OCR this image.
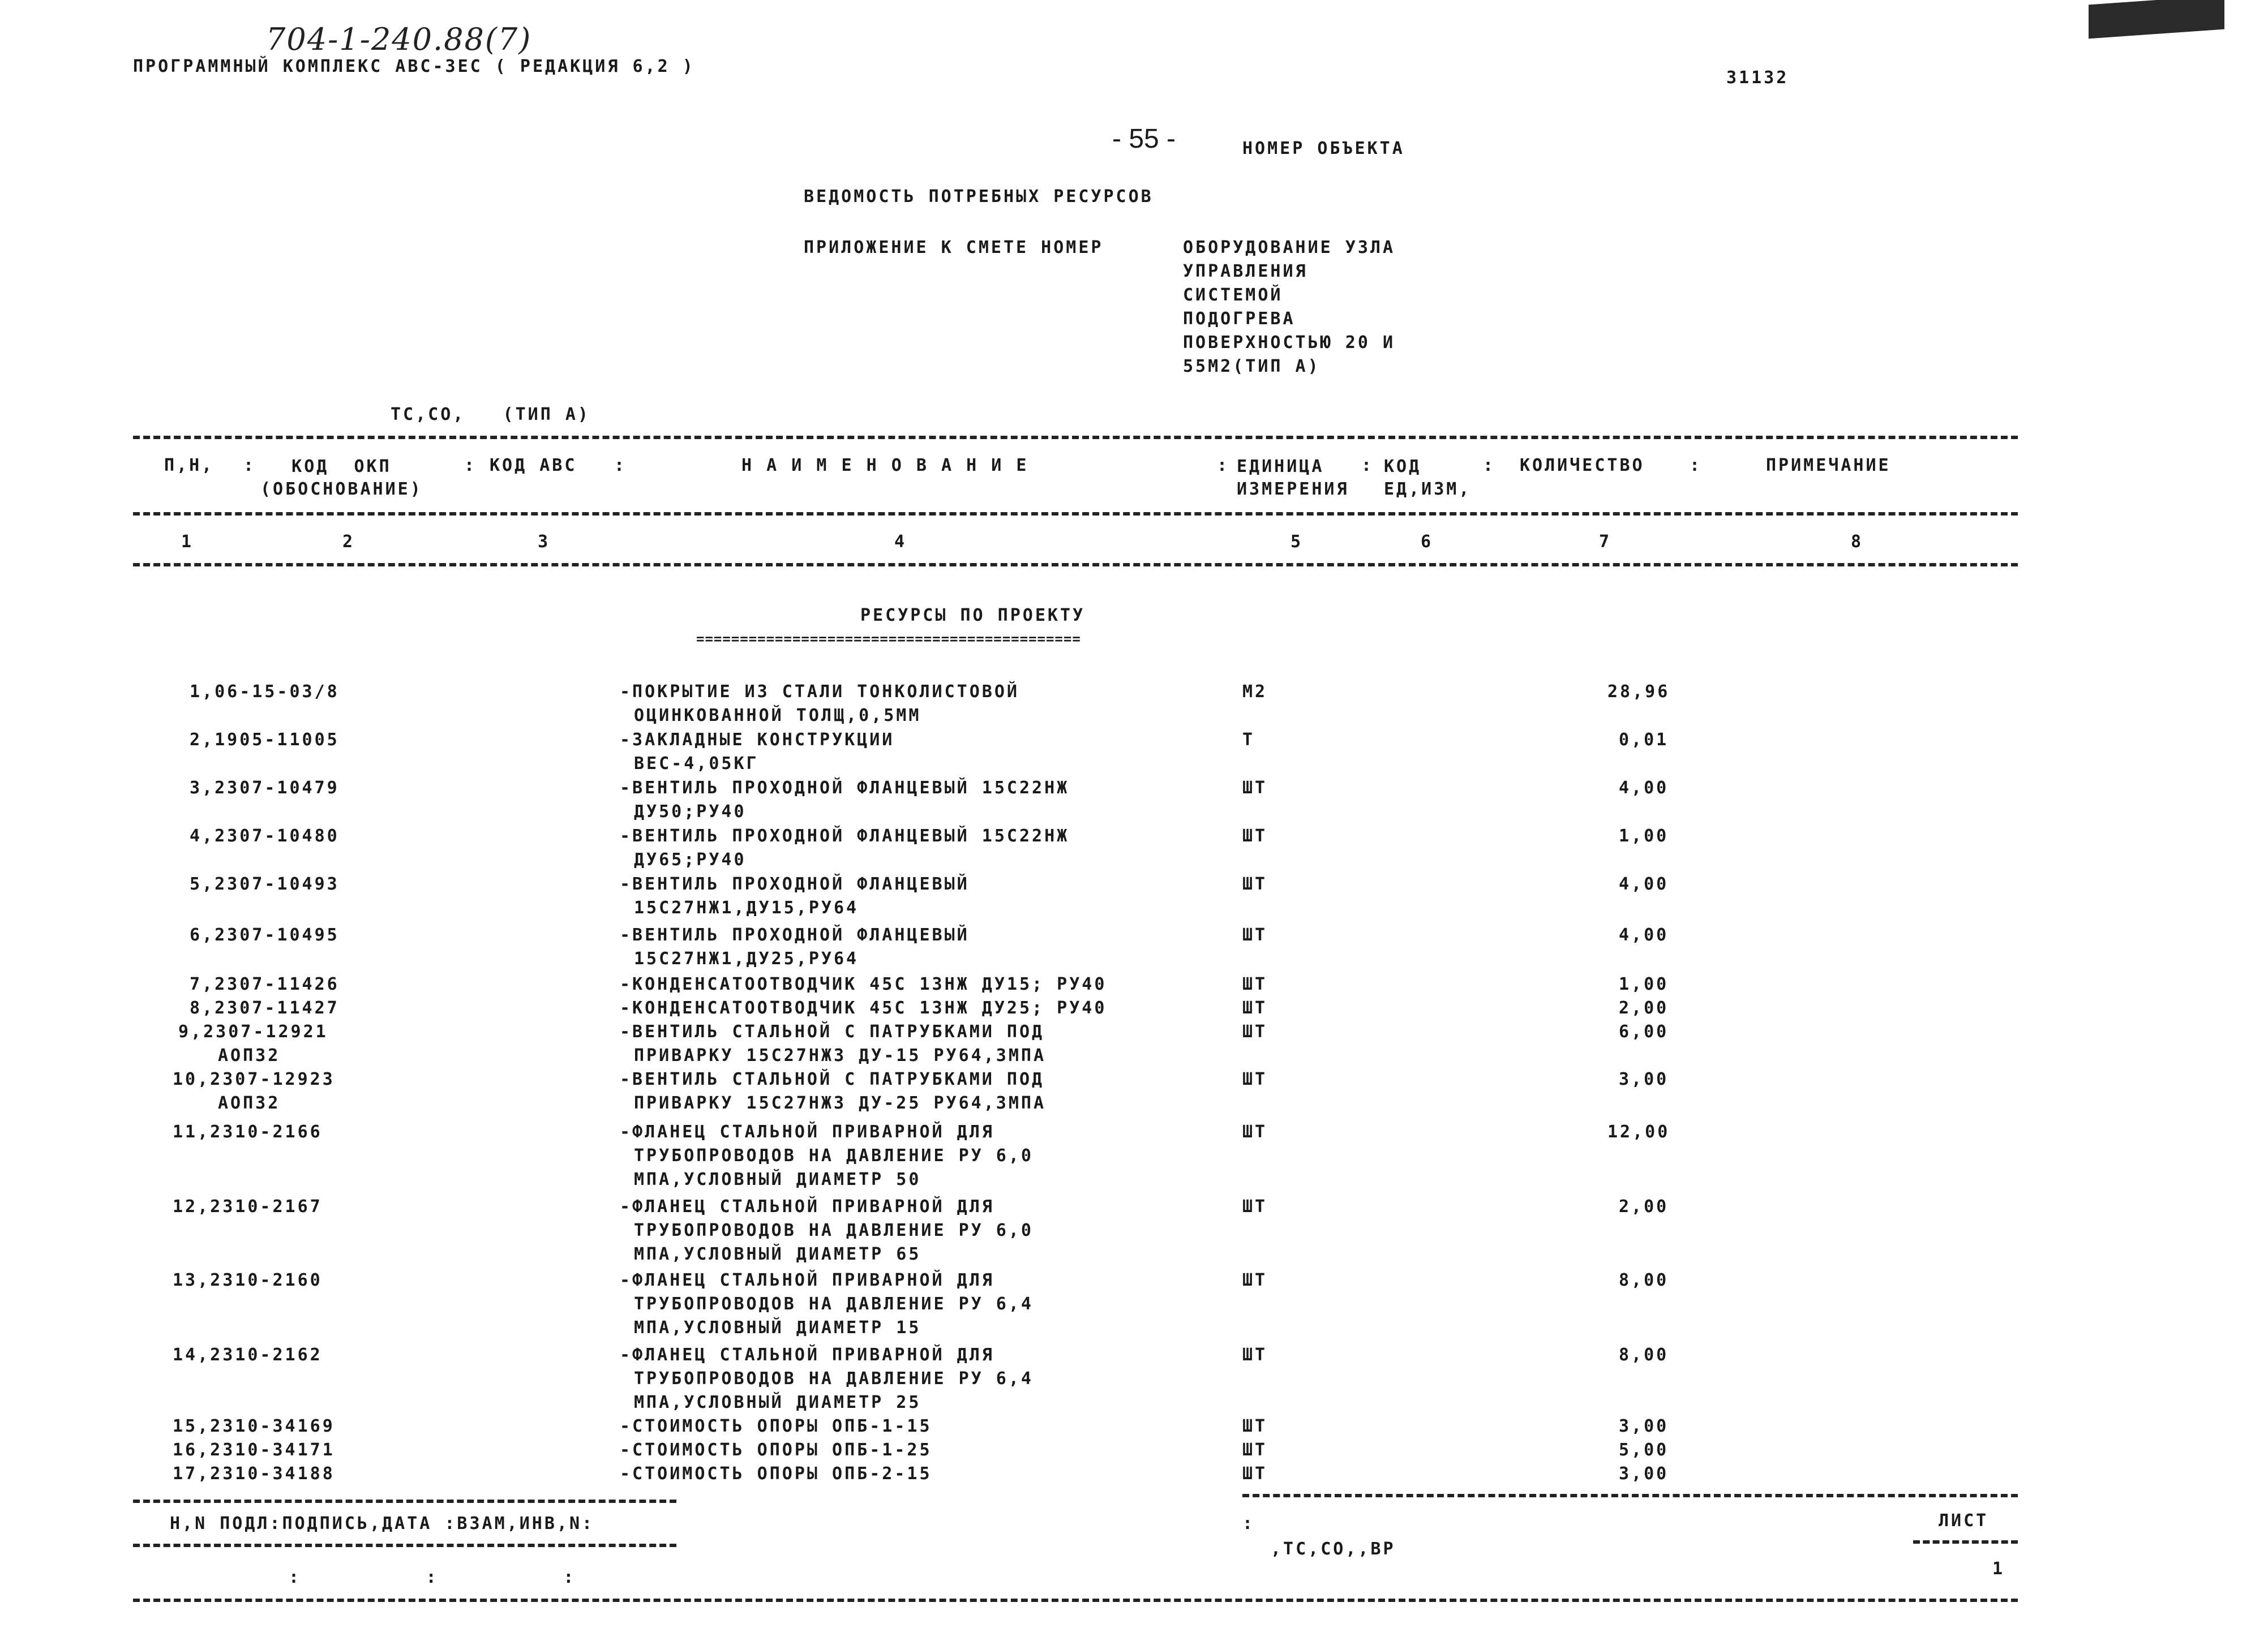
704-1-240.88(7)
ПРОГРАММНЫЙ КОМПЛЕКС АВС-3ЕС ( РЕДАКЦИЯ 6,2 )
31132
- 55 -	НОМЕР ОБЪЕКТА
ВЕДОМОСТЬ ПОТРЕБНЫХ РЕСУРСОВ
ПРИЛОЖЕНИЕ К СМЕТЕ НОМЕР	ОБОРУДОВАНИЕ УЗЛА
УПРАВЛЕНИЯ
СИСТЕМОЙ
ПОДОГРЕВА
ПОВЕРХНОСТЬЮ 20 И
55М2(ТИП А)
ТС,СО,   (ТИП А)
П,Н,	КОД  ОКП
(ОБОСНОВАНИЕ)
КОД АВС	Н А И М Е Н О В А Н И Е	ЕДИНИЦА
ИЗМЕРЕНИЯ
КОД
ЕД,ИЗМ,
КОЛИЧЕСТВО	ПРИМЕЧАНИЕ
:	:	:	:	:	:	:
1	2	3	4	5	6	7	8
РЕСУРСЫ ПО ПРОЕКТУ
============================================
1,06-15-03/8	-ПОКРЫТИЕ ИЗ СТАЛИ ТОНКОЛИСТОВОЙ
ОЦИНКОВАННОЙ ТОЛЩ,0,5ММ
М2	28,96
2,1905-11005	-ЗАКЛАДНЫЕ КОНСТРУКЦИИ
ВЕС-4,05КГ
Т	0,01
3,2307-10479	-ВЕНТИЛЬ ПРОХОДНОЙ ФЛАНЦЕВЫЙ 15С22НЖ
ДУ50;РУ40
ШТ	4,00
4,2307-10480	-ВЕНТИЛЬ ПРОХОДНОЙ ФЛАНЦЕВЫЙ 15С22НЖ
ДУ65;РУ40
ШТ	1,00
5,2307-10493	-ВЕНТИЛЬ ПРОХОДНОЙ ФЛАНЦЕВЫЙ
15С27НЖ1,ДУ15,РУ64
ШТ	4,00
6,2307-10495	-ВЕНТИЛЬ ПРОХОДНОЙ ФЛАНЦЕВЫЙ
15С27НЖ1,ДУ25,РУ64
ШТ	4,00
7,2307-11426	-КОНДЕНСАТООТВОДЧИК 45С 13НЖ ДУ15; РУ40	ШТ	1,00
8,2307-11427	-КОНДЕНСАТООТВОДЧИК 45С 13НЖ ДУ25; РУ40	ШТ	2,00
9,2307-12921
АОП32
-ВЕНТИЛЬ СТАЛЬНОЙ С ПАТРУБКАМИ ПОД
ПРИВАРКУ 15С27НЖ3 ДУ-15 РУ64,3МПА
ШТ	6,00
10,2307-12923
АОП32
-ВЕНТИЛЬ СТАЛЬНОЙ С ПАТРУБКАМИ ПОД
ПРИВАРКУ 15С27НЖ3 ДУ-25 РУ64,3МПА
ШТ	3,00
11,2310-2166	-ФЛАНЕЦ СТАЛЬНОЙ ПРИВАРНОЙ ДЛЯ
ТРУБОПРОВОДОВ НА ДАВЛЕНИЕ РУ 6,0
МПА,УСЛОВНЫЙ ДИАМЕТР 50
ШТ	12,00
12,2310-2167	-ФЛАНЕЦ СТАЛЬНОЙ ПРИВАРНОЙ ДЛЯ
ТРУБОПРОВОДОВ НА ДАВЛЕНИЕ РУ 6,0
МПА,УСЛОВНЫЙ ДИАМЕТР 65
ШТ	2,00
13,2310-2160	-ФЛАНЕЦ СТАЛЬНОЙ ПРИВАРНОЙ ДЛЯ
ТРУБОПРОВОДОВ НА ДАВЛЕНИЕ РУ 6,4
МПА,УСЛОВНЫЙ ДИАМЕТР 15
ШТ	8,00
14,2310-2162	-ФЛАНЕЦ СТАЛЬНОЙ ПРИВАРНОЙ ДЛЯ
ТРУБОПРОВОДОВ НА ДАВЛЕНИЕ РУ 6,4
МПА,УСЛОВНЫЙ ДИАМЕТР 25
ШТ	8,00
15,2310-34169	-СТОИМОСТЬ ОПОРЫ ОПБ-1-15	ШТ	3,00
16,2310-34171	-СТОИМОСТЬ ОПОРЫ ОПБ-1-25	ШТ	5,00
17,2310-34188	-СТОИМОСТЬ ОПОРЫ ОПБ-2-15	ШТ	3,00
Н,N ПОДЛ:ПОДПИСЬ,ДАТА :ВЗАМ,ИНВ,N:
:          :          :
:
,ТС,СО,,ВР
ЛИСТ
1
